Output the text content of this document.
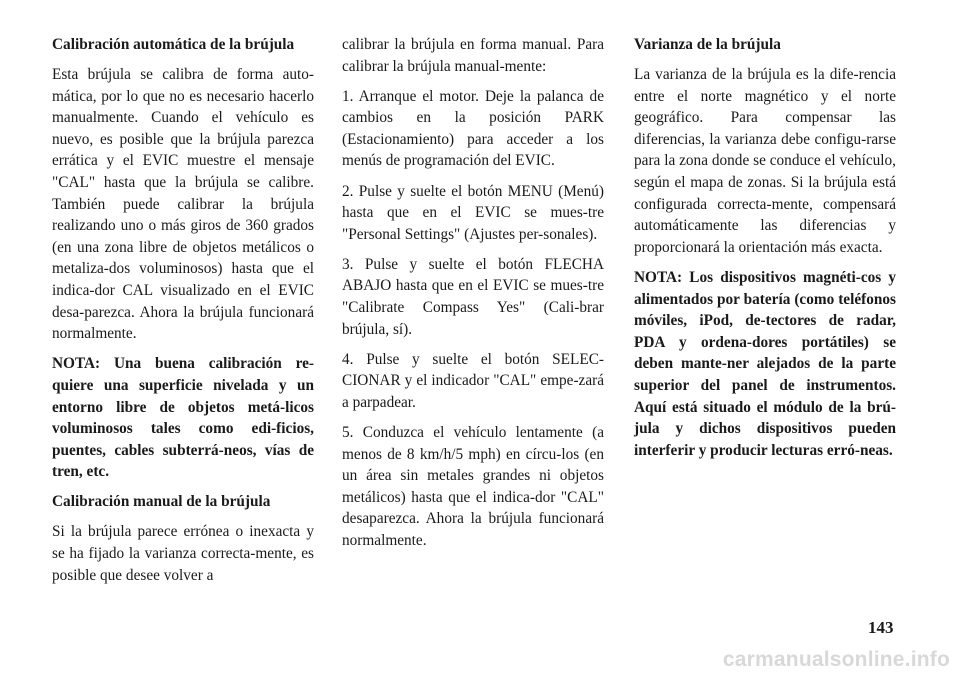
Calibración automática de la brújula

Esta brújula se calibra de forma auto-mática, por lo que no es necesario hacerlo manualmente. Cuando el vehículo es nuevo, es posible que la brújula parezca errática y el EVIC muestre el mensaje "CAL" hasta que la brújula se calibre. También puede calibrar la brújula realizando uno o más giros de 360 grados (en una zona libre de objetos metálicos o metaliza-dos voluminosos) hasta que el indica-dor CAL visualizado en el EVIC desa-parezca. Ahora la brújula funcionará normalmente.

NOTA: Una buena calibración re-quiere una superficie nivelada y un entorno libre de objetos metá-licos voluminosos tales como edi-ficios, puentes, cables subterrá-neos, vías de tren, etc.

Calibración manual de la brújula

Si la brújula parece errónea o inexacta y se ha fijado la varianza correcta-mente, es posible que desee volver a

calibrar la brújula en forma manual. Para calibrar la brújula manual-mente:

1. Arranque el motor. Deje la palanca de cambios en la posición PARK (Estacionamiento) para acceder a los menús de programación del EVIC.

2. Pulse y suelte el botón MENU (Menú) hasta que en el EVIC se mues-tre "Personal Settings" (Ajustes per-sonales).

3. Pulse y suelte el botón FLECHA ABAJO hasta que en el EVIC se mues-tre "Calibrate Compass Yes" (Cali-brar brújula, sí).

4. Pulse y suelte el botón SELEC-CIONAR y el indicador "CAL" empe-zará a parpadear.

5. Conduzca el vehículo lentamente (a menos de 8 km/h/5 mph) en círcu-los (en un área sin metales grandes ni objetos metálicos) hasta que el indica-dor "CAL" desaparezca. Ahora la brújula funcionará normalmente.

Varianza de la brújula

La varianza de la brújula es la dife-rencia entre el norte magnético y el norte geográfico. Para compensar las diferencias, la varianza debe configu-rarse para la zona donde se conduce el vehículo, según el mapa de zonas. Si la brújula está configurada correcta-mente, compensará automáticamente las diferencias y proporcionará la orientación más exacta.

NOTA: Los dispositivos magnéti-cos y alimentados por batería (como teléfonos móviles, iPod, de-tectores de radar, PDA y ordena-dores portátiles) se deben mante-ner alejados de la parte superior del panel de instrumentos. Aquí está situado el módulo de la brú-jula y dichos dispositivos pueden interferir y producir lecturas erró-neas.

143
carmanualsonline.info
